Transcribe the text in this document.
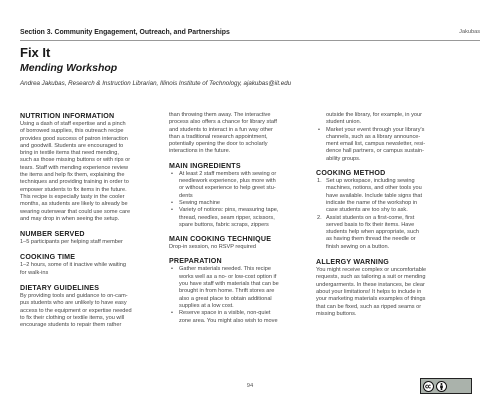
Section 3. Community Engagement, Outreach, and Partnerships	Jakubas
Fix It
Mending Workshop
Andrea Jakubas, Research & Instruction Librarian, Illinois Institute of Technology, ajakubas@iit.edu
NUTRITION INFORMATION
Using a dash of staff expertise and a pinch
of borrowed supplies, this outreach recipe
provides good success of patron interaction
and goodwill. Students are encouraged to
bring in textile items that need mending,
such as those missing buttons or with rips or
tears. Staff with mending experience review
the items and help fix them, explaining the
techniques and providing training in order to
empower students to fix items in the future.
This recipe is especially tasty in the cooler
months, as students are likely to already be
wearing outerwear that could use some care
and may drop in when seeing the setup.
NUMBER SERVED
1–5 participants per helping staff member
COOKING TIME
1–2 hours, some of it inactive while waiting
for walk-ins
DIETARY GUIDELINES
By providing tools and guidance to on-cam-
pus students who are unlikely to have easy
access to the equipment or expertise needed
to fix their clothing or textile items, you will
encourage students to repair them rather
than throwing them away. The interactive
process also offers a chance for library staff
and students to interact in a fun way other
than a traditional research appointment,
potentially opening the door to scholarly
interactions in the future.
MAIN INGREDIENTS
• At least 2 staff members with sewing or
needlework experience, plus more with
or without experience to help greet stu-
dents
• Sewing machine
• Variety of notions: pins, measuring tape,
thread, needles, seam ripper, scissors,
spare buttons, fabric scraps, zippers
MAIN COOKING TECHNIQUE
Drop-in session, no RSVP required
PREPARATION
• Gather materials needed. This recipe
works well as a no- or low-cost option if
you have staff with materials that can be
brought in from home. Thrift stores are
also a great place to obtain additional
supplies at a low cost.
• Reserve space in a visible, non-quiet
zone area. You might also wish to move
outside the library, for example, in your
student union.
• Market your event through your library's
channels, such as a library announce-
ment email list, campus newsletter, resi-
dence hall partners, or campus sustain-
ability groups.
COOKING METHOD
1. Set up workspace, including sewing
machines, notions, and other tools you
have available. Include table signs that
indicate the name of the workshop in
case students are too shy to ask.
2. Assist students on a first-come, first
served basis to fix their items. Have
students help when appropriate, such
as having them thread the needle or
finish sewing on a button.
ALLERGY WARNING
You might receive complex or uncomfortable
requests, such as tailoring a suit or mending
undergarments. In these instances, be clear
about your limitations! It helps to include in
your marketing materials examples of things
that can be fixed, such as ripped seams or
missing buttons.
94
